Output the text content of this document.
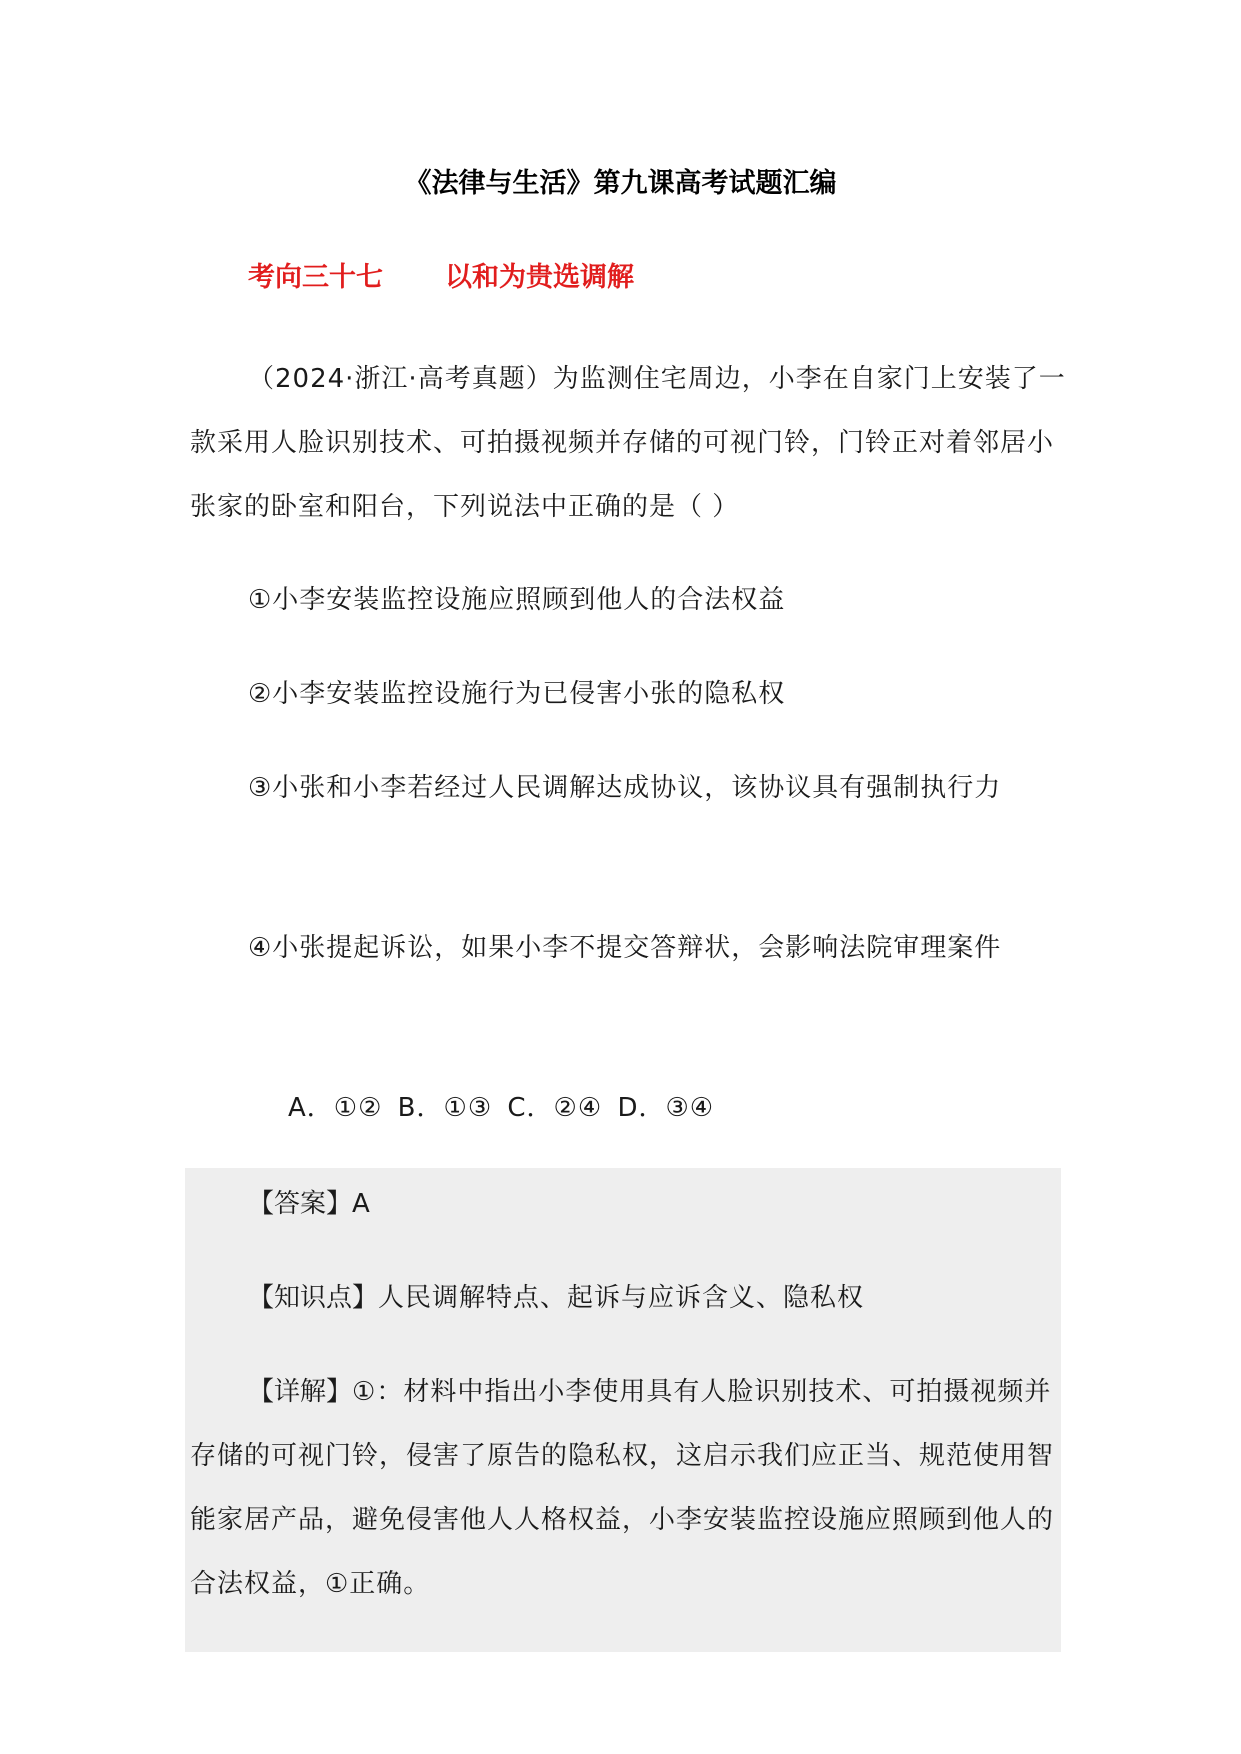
《法律与生活》第九课高考试题汇编
考向三十七 以和为贵选调解

（2024·浙江·高考真题）为监测住宅周边，小李在自家门上安装了一款采用人脸识别技术、可拍摄视频并存储的可视门铃，门铃正对着邻居小张家的卧室和阳台，下列说法中正确的是（ ）

①小李安装监控设施应照顾到他人的合法权益

②小李安装监控设施行为已侵害小张的隐私权

③小张和小李若经过人民调解达成协议，该协议具有强制执行力

④小张提起诉讼，如果小李不提交答辩状，会影响法院审理案件

A．①② B．①③ C．②④ D．③④

【答案】A

【知识点】人民调解特点、起诉与应诉含义、隐私权

【详解】①：材料中指出小李使用具有人脸识别技术、可拍摄视频并存储的可视门铃，侵害了原告的隐私权，这启示我们应正当、规范使用智能家居产品，避免侵害他人人格权益，小李安装监控设施应照顾到他人的合法权益，①正确。
